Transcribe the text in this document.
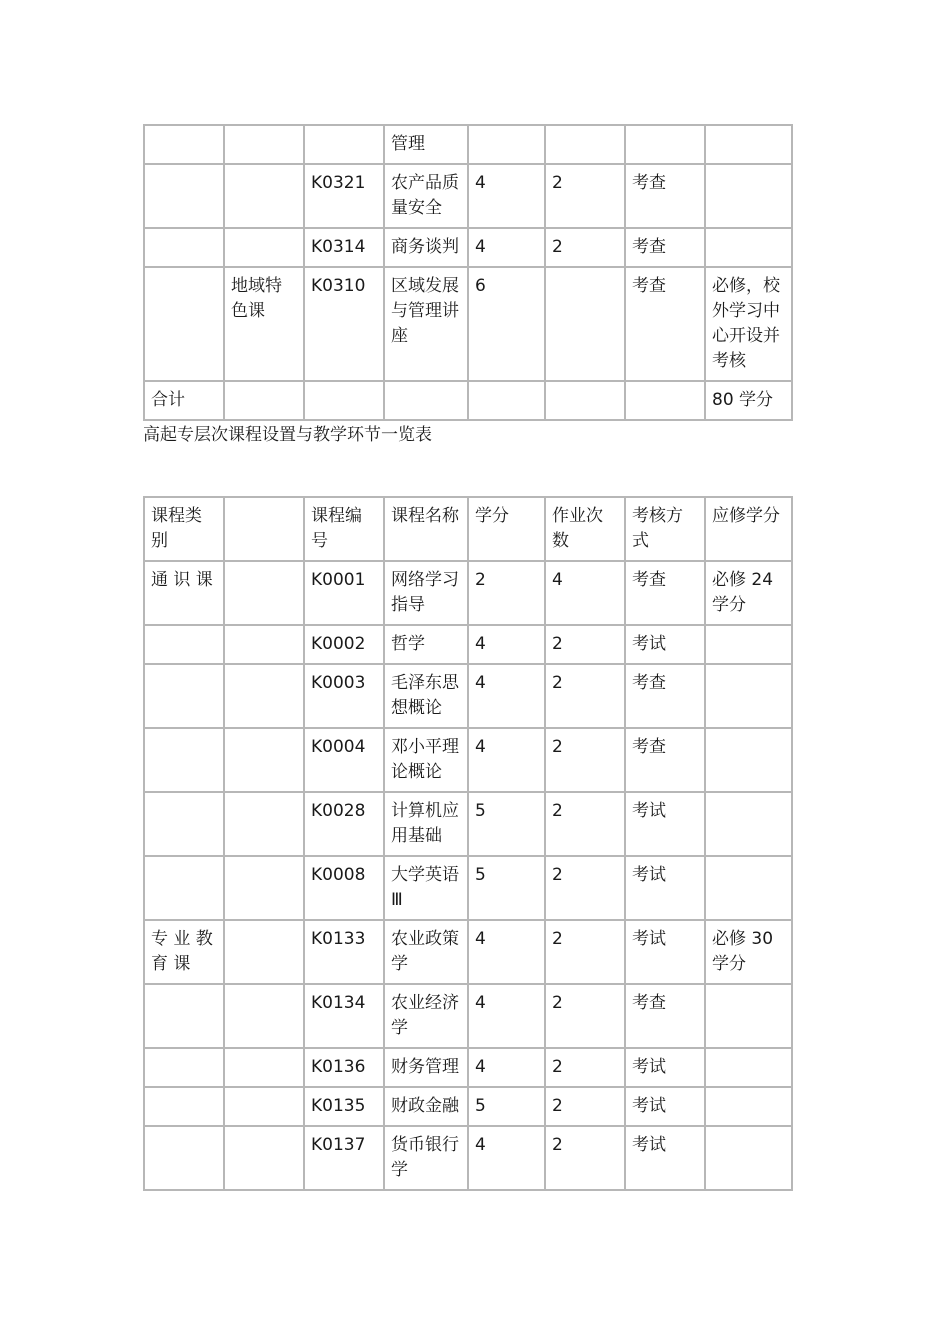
			管理				
		K0321	农产品质量安全	4	2	考查	
		K0314	商务谈判	4	2	考查	
	地域特色课	K0310	区域发展与管理讲座	6		考查	必修，校外学习中心开设并考核
合计							80 学分
高起专层次课程设置与教学环节一览表
课程类别		课程编号	课程名称	学分	作业次数	考核方式	应修学分
通 识 课		K0001	网络学习指导	2	4	考查	必修 24 学分
		K0002	哲学	4	2	考试	
		K0003	毛泽东思想概论	4	2	考查	
		K0004	邓小平理论概论	4	2	考查	
		K0028	计算机应用基础	5	2	考试	
		K0008	大学英语Ⅲ	5	2	考试	
专 业 教 育 课		K0133	农业政策学	4	2	考试	必修 30 学分
		K0134	农业经济学	4	2	考查	
		K0136	财务管理	4	2	考试	
		K0135	财政金融	5	2	考试	
		K0137	货币银行学	4	2	考试	
